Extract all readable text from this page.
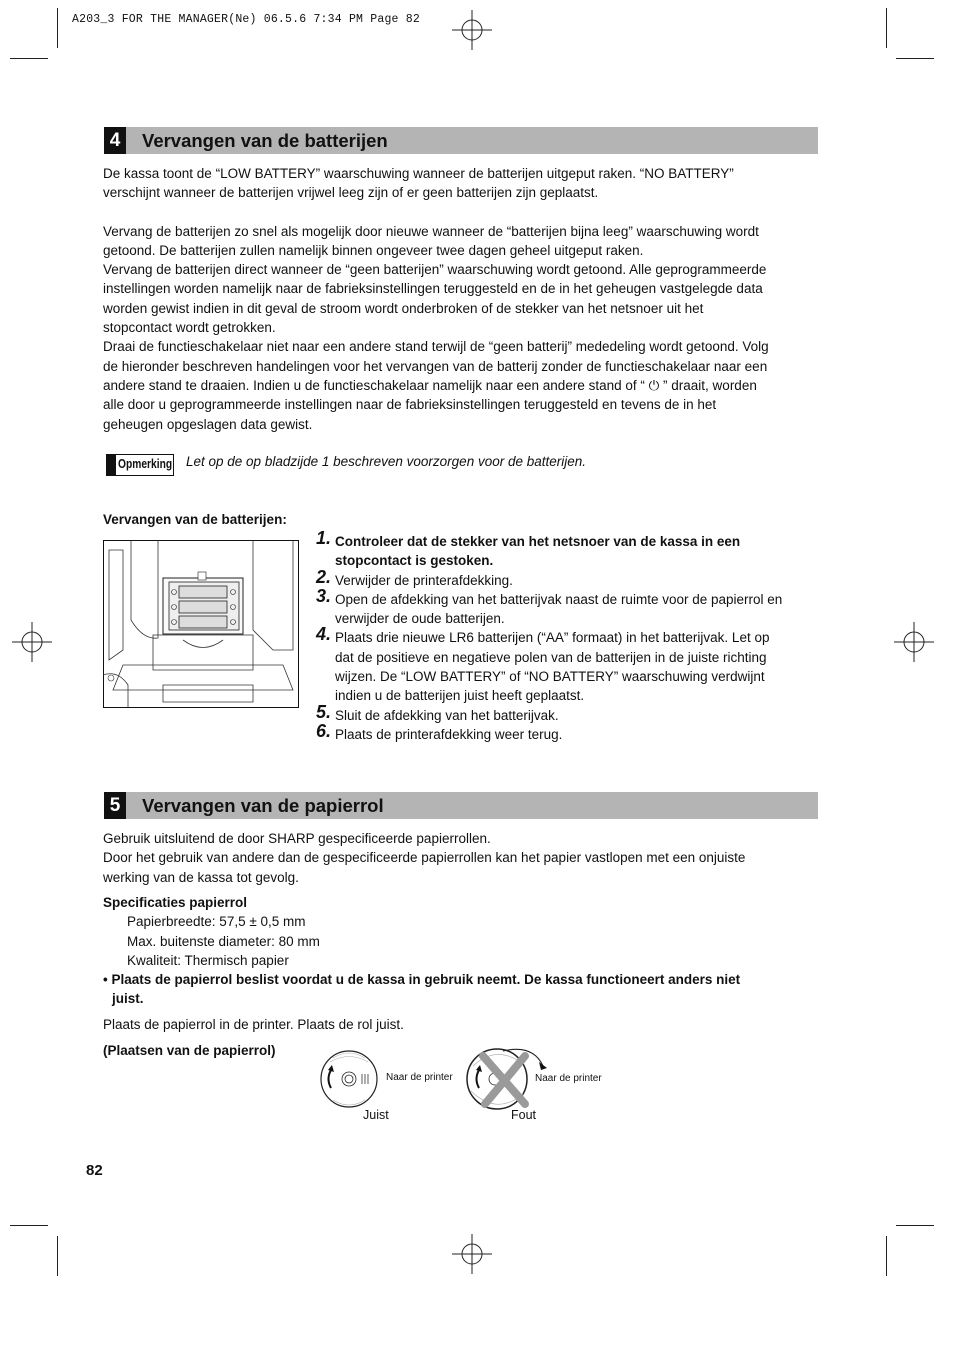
A203_3 FOR THE MANAGER(Ne) 06.5.6 7:34 PM Page 82
4	Vervangen van de batterijen

De kassa toont de “LOW BATTERY” waarschuwing wanneer de batterijen uitgeput raken. “NO BATTERY”

verschijnt wanneer de batterijen vrijwel leeg zijn of er geen batterijen zijn geplaatst.

Vervang de batterijen zo snel als mogelijk door nieuwe wanneer de “batterijen bijna leeg” waarschuwing wordt

getoond. De batterijen zullen namelijk binnen ongeveer twee dagen geheel uitgeput raken.

Vervang de batterijen direct wanneer de “geen batterijen” waarschuwing wordt getoond. Alle geprogrammeerde

instellingen worden namelijk naar de fabrieksinstellingen teruggesteld en de in het geheugen vastgelegde data

worden gewist indien in dit geval de stroom wordt onderbroken of de stekker van het netsnoer uit het

stopcontact wordt getrokken.

Draai de functieschakelaar niet naar een andere stand terwijl de “geen batterij” mededeling wordt getoond. Volg

de hieronder beschreven handelingen voor het vervangen van de batterij zonder de functieschakelaar naar een

andere stand te draaien. Indien u de functieschakelaar namelijk naar een andere stand of “ ⏻ ” draait, worden

alle door u geprogrammeerde instellingen naar de fabrieksinstellingen teruggesteld en tevens de in het

geheugen opgeslagen data gewist.

Opmerking Let op de op bladzijde 1 beschreven voorzorgen voor de batterijen.
Vervangen van de batterijen:
1. Controleer dat de stekker van het netsnoer van de kassa in een
stopcontact is gestoken.
2. Verwijder de printerafdekking.
3. Open de afdekking van het batterijvak naast de ruimte voor de papierrol en
verwijder de oude batterijen.
4. Plaats drie nieuwe LR6 batterijen (“AA” formaat) in het batterijvak. Let op
dat de positieve en negatieve polen van de batterijen in de juiste richting
wijzen. De “LOW BATTERY” of “NO BATTERY” waarschuwing verdwijnt
indien u de batterijen juist heeft geplaatst.
5. Sluit de afdekking van het batterijvak.
6. Plaats de printerafdekking weer terug.
5	Vervangen van de papierrol

Gebruik uitsluitend de door SHARP gespecificeerde papierrollen.

Door het gebruik van andere dan de gespecificeerde papierrollen kan het papier vastlopen met een onjuiste

werking van de kassa tot gevolg.

Specificaties papierrol
Papierbreedte: 57,5 ± 0,5 mm
Max. buitenste diameter: 80 mm
Kwaliteit: Thermisch papier
• Plaats de papierrol beslist voordat u de kassa in gebruik neemt. De kassa functioneert anders niet
juist.
Plaats de papierrol in de printer. Plaats de rol juist.
(Plaatsen van de papierrol)
Naar de printer
Juist
Naar de printer
Fout
82
